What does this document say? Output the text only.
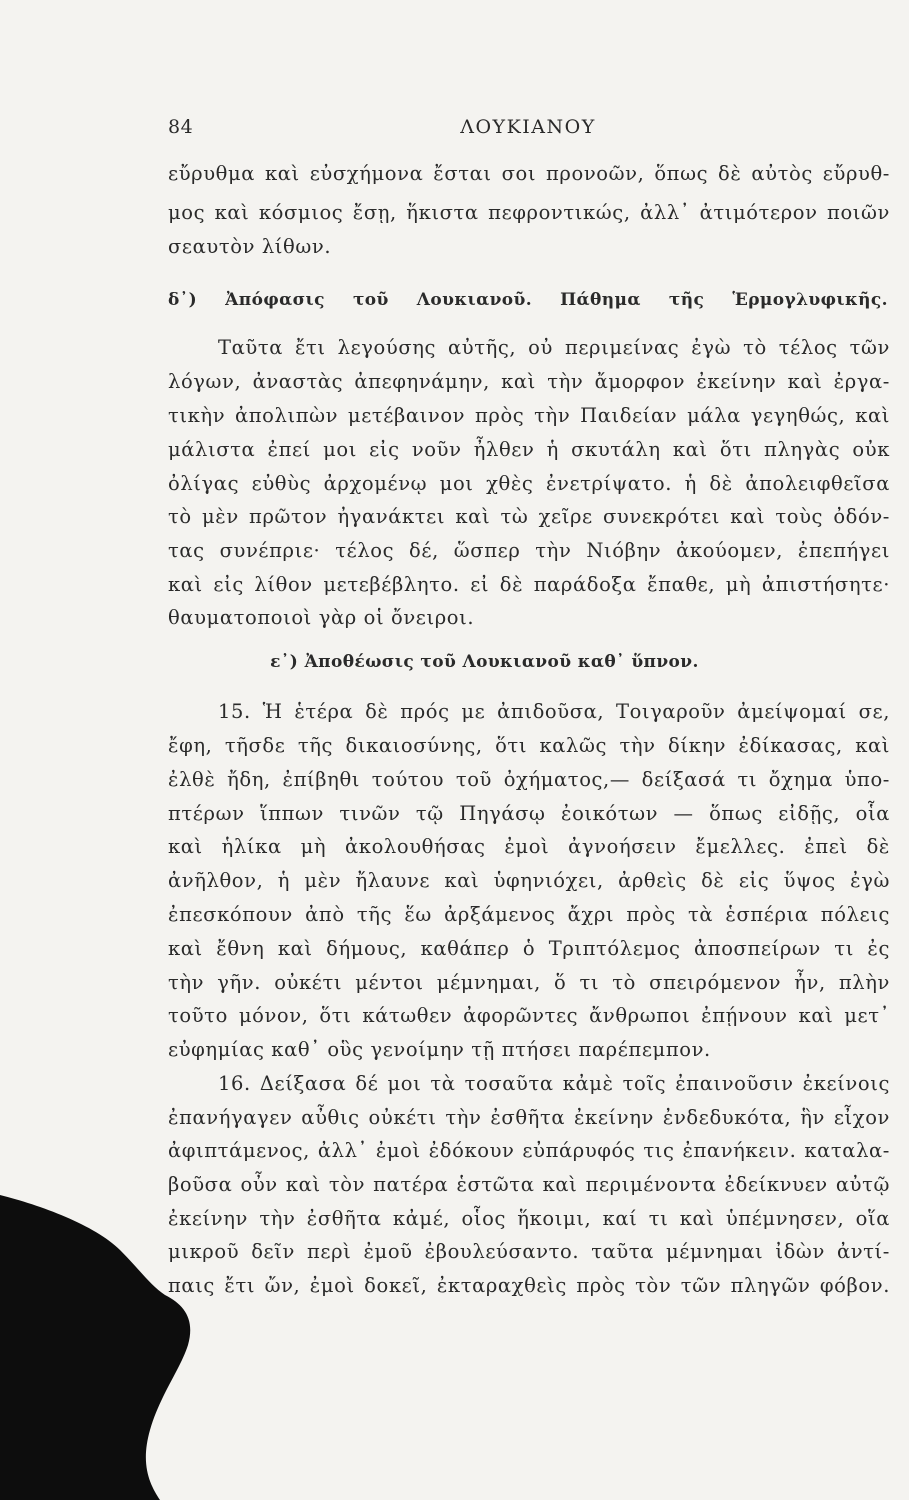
84	ΛΟΥΚΙΑΝΟΥ
εὔρυθμα καὶ εὐσχήμονα ἔσται σοι προνοῶν, ὅπως δὲ αὐτὸς εὔρυθ-
μος καὶ κόσμιος ἔσῃ, ἥκιστα πεφροντικώς, ἀλλ᾽ ἀτιμότερον ποιῶν
σεαυτὸν λίθων.
δ᾽) Ἀπόφασις τοῦ Λουκιανοῦ. Πάθημα τῆς Ἑρμογλυφικῆς.
Ταῦτα ἔτι λεγούσης αὐτῆς, οὐ περιμείνας ἐγὼ τὸ τέλος τῶν
λόγων, ἀναστὰς ἀπεφηνάμην, καὶ τὴν ἄμορφον ἐκείνην καὶ ἐργα-
τικὴν ἀπολιπὼν μετέβαινον πρὸς τὴν Παιδείαν μάλα γεγηθώς, καὶ
μάλιστα ἐπεί μοι εἰς νοῦν ἦλθεν ἡ σκυτάλη καὶ ὅτι πληγὰς οὐκ
ὀλίγας εὐθὺς ἀρχομένῳ μοι χθὲς ἐνετρίψατο. ἡ δὲ ἀπολειφθεῖσα
τὸ μὲν πρῶτον ἠγανάκτει καὶ τὼ χεῖρε συνεκρότει καὶ τοὺς ὀδόν-
τας συνέπριε· τέλος δέ, ὥσπερ τὴν Νιόβην ἀκούομεν, ἐπεπήγει
καὶ εἰς λίθον μετεβέβλητο. εἰ δὲ παράδοξα ἔπαθε, μὴ ἀπιστήσητε·
θαυματοποιοὶ γὰρ οἱ ὄνειροι.
ε᾽) Ἀποθέωσις τοῦ Λουκιανοῦ καθ᾽ ὕπνον.
15. Ἡ ἑτέρα δὲ πρός με ἀπιδοῦσα, Τοιγαροῦν ἀμείψομαί σε,
ἔφη, τῆσδε τῆς δικαιοσύνης, ὅτι καλῶς τὴν δίκην ἐδίκασας, καὶ
ἐλθὲ ἤδη, ἐπίβηθι τούτου τοῦ ὀχήματος,— δείξασά τι ὄχημα ὑπο-
πτέρων ἵππων τινῶν τῷ Πηγάσῳ ἐοικότων — ὅπως εἰδῇς, οἷα
καὶ ἡλίκα μὴ ἀκολουθήσας ἐμοὶ ἀγνοήσειν ἔμελλες. ἐπεὶ δὲ
ἀνῆλθον, ἡ μὲν ἤλαυνε καὶ ὑφηνιόχει, ἀρθεὶς δὲ εἰς ὕψος ἐγὼ
ἐπεσκόπουν ἀπὸ τῆς ἕω ἀρξάμενος ἄχρι πρὸς τὰ ἑσπέρια πόλεις
καὶ ἔθνη καὶ δήμους, καθάπερ ὁ Τριπτόλεμος ἀποσπείρων τι ἐς
τὴν γῆν. οὐκέτι μέντοι μέμνημαι, ὅ τι τὸ σπειρόμενον ἦν, πλὴν
τοῦτο μόνον, ὅτι κάτωθεν ἀφορῶντες ἄνθρωποι ἐπῄνουν καὶ μετ᾽
εὐφημίας καθ᾽ οὓς γενοίμην τῇ πτήσει παρέπεμπον.
16. Δείξασα δέ μοι τὰ τοσαῦτα κἀμὲ τοῖς ἐπαινοῦσιν ἐκείνοις
ἐπανήγαγεν αὖθις οὐκέτι τὴν ἐσθῆτα ἐκείνην ἐνδεδυκότα, ἣν εἶχον
ἀφιπτάμενος, ἀλλ᾽ ἐμοὶ ἐδόκουν εὐπάρυφός τις ἐπανήκειν. καταλα-
βοῦσα οὖν καὶ τὸν πατέρα ἑστῶτα καὶ περιμένοντα ἐδείκνυεν αὐτῷ
ἐκείνην τὴν ἐσθῆτα κἀμέ, οἷος ἥκοιμι, καί τι καὶ ὑπέμνησεν, οἵα
μικροῦ δεῖν περὶ ἐμοῦ ἐβουλεύσαντο. ταῦτα μέμνημαι ἰδὼν ἀντί-
παις ἔτι ὤν, ἐμοὶ δοκεῖ, ἐκταραχθεὶς πρὸς τὸν τῶν πληγῶν φόβον.
